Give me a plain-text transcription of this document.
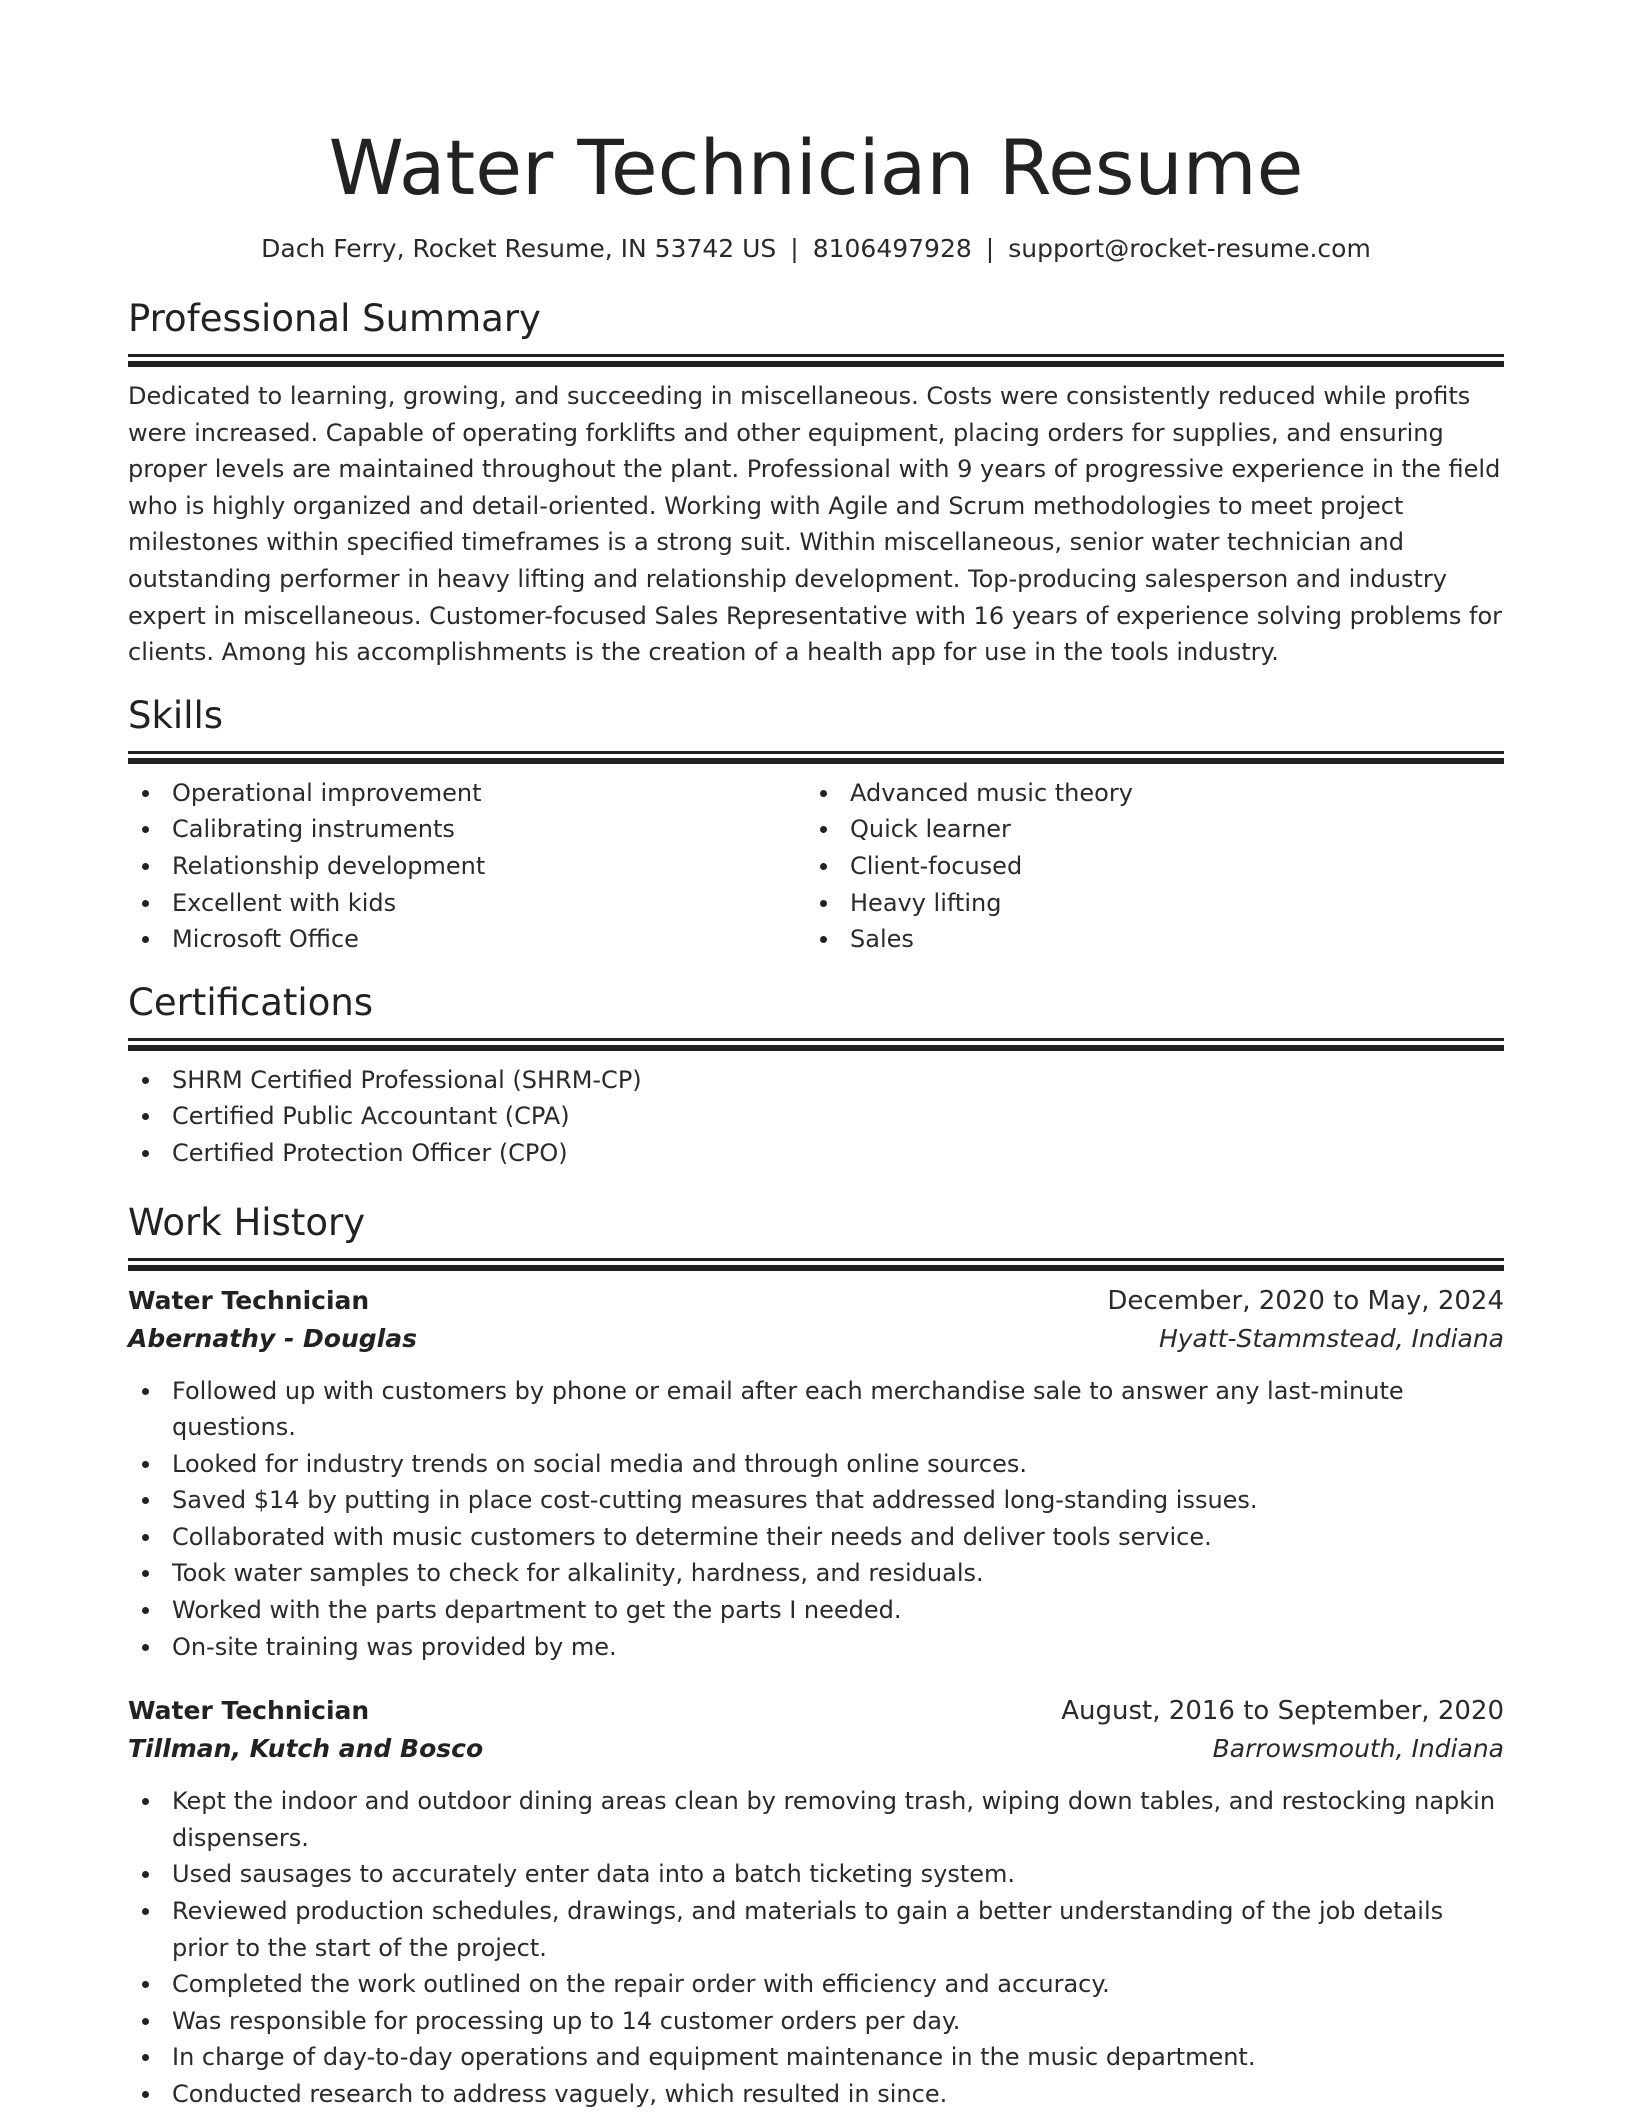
Water Technician Resume
Dach Ferry, Rocket Resume, IN 53742 US | 8106497928 | support@rocket-resume.com
Professional Summary

Dedicated to learning, growing, and succeeding in miscellaneous. Costs were consistently reduced while profits were increased. Capable of operating forklifts and other equipment, placing orders for supplies, and ensuring proper levels are maintained throughout the plant. Professional with 9 years of progressive experience in the field who is highly organized and detail-oriented. Working with Agile and Scrum methodologies to meet project milestones within specified timeframes is a strong suit. Within miscellaneous, senior water technician and outstanding performer in heavy lifting and relationship development. Top-producing salesperson and industry expert in miscellaneous. Customer-focused Sales Representative with 16 years of experience solving problems for clients. Among his accomplishments is the creation of a health app for use in the tools industry.

Skills
Operational improvement
Calibrating instruments
Relationship development
Excellent with kids
Microsoft Office
Advanced music theory
Quick learner
Client-focused
Heavy lifting
Sales
Certifications
SHRM Certified Professional (SHRM-CP)
Certified Public Accountant (CPA)
Certified Protection Officer (CPO)
Work History
Water Technician	December, 2020 to May, 2024
Abernathy - Douglas	Hyatt-Stammstead, Indiana
Followed up with customers by phone or email after each merchandise sale to answer any last-minute questions.
Looked for industry trends on social media and through online sources.
Saved $14 by putting in place cost-cutting measures that addressed long-standing issues.
Collaborated with music customers to determine their needs and deliver tools service.
Took water samples to check for alkalinity, hardness, and residuals.
Worked with the parts department to get the parts I needed.
On-site training was provided by me.
Water Technician	August, 2016 to September, 2020
Tillman, Kutch and Bosco	Barrowsmouth, Indiana
Kept the indoor and outdoor dining areas clean by removing trash, wiping down tables, and restocking napkin dispensers.
Used sausages to accurately enter data into a batch ticketing system.
Reviewed production schedules, drawings, and materials to gain a better understanding of the job details prior to the start of the project.
Completed the work outlined on the repair order with efficiency and accuracy.
Was responsible for processing up to 14 customer orders per day.
In charge of day-to-day operations and equipment maintenance in the music department.
Conducted research to address vaguely, which resulted in since.
